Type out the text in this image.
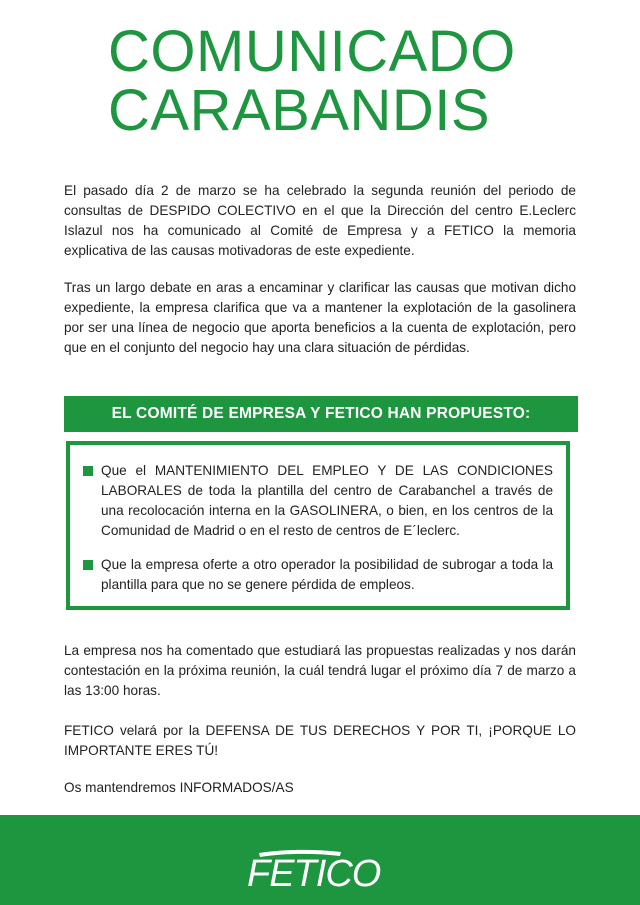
COMUNICADO
CARABANDIS

El pasado día 2 de marzo se ha celebrado la segunda reunión del periodo de consultas de DESPIDO COLECTIVO en el que la Dirección del centro E.Leclerc Islazul nos ha comunicado al Comité de Empresa y a FETICO la memoria explicativa de las causas motivadoras de este expediente.

Tras un largo debate en aras a encaminar y clarificar las causas que motivan dicho expediente, la empresa clarifica que va a mantener la explotación de la gasolinera por ser una línea de negocio que aporta beneficios a la cuenta de explotación, pero que en el conjunto del negocio hay una clara situación de pérdidas.

EL COMITÉ DE EMPRESA Y FETICO HAN PROPUESTO:
Que el MANTENIMIENTO DEL EMPLEO Y DE LAS CONDICIONES LABORALES de toda la plantilla del centro de Carabanchel a través de una recolocación interna en la GASOLINERA, o bien, en los centros de la Comunidad de Madrid o en el resto de centros de E´leclerc.
Que la empresa oferte a otro operador la posibilidad de subrogar a toda la plantilla para que no se genere pérdida de empleos.

La empresa nos ha comentado que estudiará las propuestas realizadas y nos darán contestación en la próxima reunión, la cuál tendrá lugar el próximo día 7 de marzo a las 13:00 horas.

FETICO velará por la DEFENSA DE TUS DERECHOS Y POR TI, ¡PORQUE LO IMPORTANTE ERES TÚ!

Os mantendremos INFORMADOS/AS

FETICO
